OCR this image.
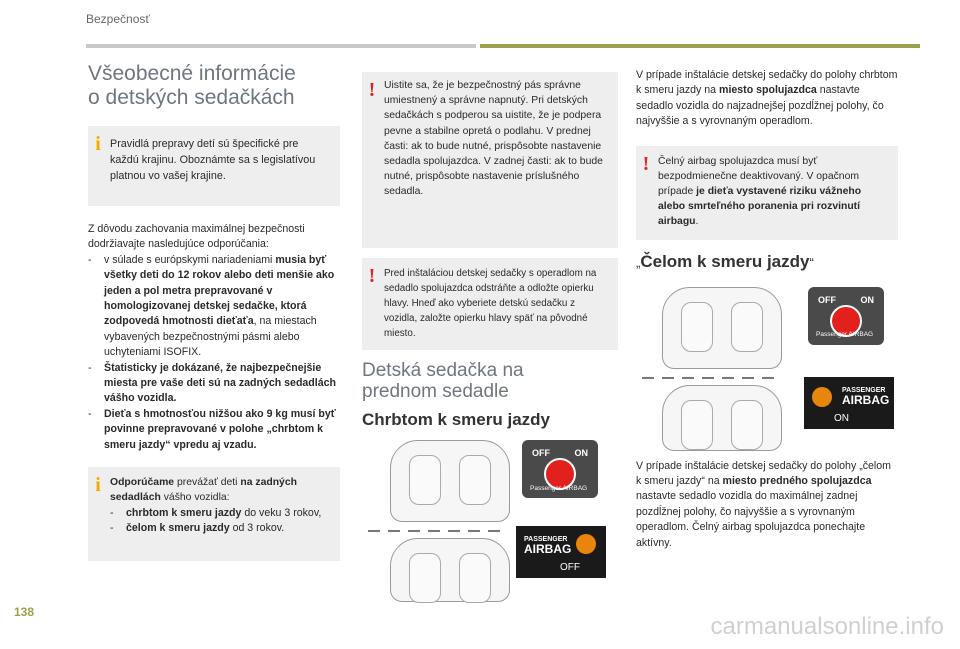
Bezpečnosť
Všeobecné informácie
o detských sedačkách
i Pravidlá prepravy detí sú špecifické pre každú krajinu. Oboznámte sa s legislatívou platnou vo vašej krajine.

Z dôvodu zachovania maximálnej bezpečnosti dodržiavajte nasledujúce odporúčania:

-	v súlade s európskymi nariadeniami musia byť všetky deti do 12 rokov alebo deti menšie ako jeden a pol metra prepravované v homologizovanej detskej sedačke, ktorá zodpovedá hmotnosti dieťaťa, na miestach vybavených bezpečnostnými pásmi alebo uchyteniami ISOFIX.
-	Štatisticky je dokázané, že najbezpečnejšie miesta pre vaše deti sú na zadných sedadlách vášho vozidla.
-	Dieťa s hmotnosťou nižšou ako 9 kg musí byť povinne prepravované v polohe „chrbtom k smeru jazdy“ vpredu aj vzadu.
i Odporúčame prevážať deti na zadných sedadlách vášho vozidla:

-	chrbtom k smeru jazdy do veku 3 rokov,
-	čelom k smeru jazdy od 3 rokov.
! Uistite sa, že je bezpečnostný pás správne umiestnený a správne napnutý. Pri detských sedačkách s podperou sa uistite, že je podpera pevne a stabilne opretá o podlahu. V prednej časti: ak to bude nutné, prispôsobte nastavenie sedadla spolujazdca. V zadnej časti: ak to bude nutné, prispôsobte nastavenie príslušného sedadla.

! Pred inštaláciou detskej sedačky s operadlom na sedadlo spolujazdca odstráňte a odložte opierku hlavy. Hneď ako vyberiete detskú sedačku z vozidla, založte opierku hlavy späť na pôvodné miesto.

Detská sedačka na
prednom sedadle
Chrbtom k smeru jazdy
OFF	ON
Passenger AIRBAG
PASSENGER
AIRBAG
OFF

V prípade inštalácie detskej sedačky do polohy chrbtom k smeru jazdy na miesto spolujazdca nastavte sedadlo vozidla do najzadnejšej pozdĺžnej polohy, čo najvyššie a s vyrovnaným operadlom.

! Čelný airbag spolujazdca musí byť bezpodmienečne deaktivovaný. V opačnom prípade je dieťa vystavené riziku vážneho alebo smrteľného poranenia pri rozvinutí airbagu.

„Čelom k smeru jazdy“
OFF	ON
Passenger AIRBAG
PASSENGER
AIRBAG
ON

V prípade inštalácie detskej sedačky do polohy „čelom k smeru jazdy“ na miesto predného spolujazdca nastavte sedadlo vozidla do maximálnej zadnej pozdĺžnej polohy, čo najvyššie a s vyrovnaným operadlom. Čelný airbag spolujazdca ponechajte aktívny.

138
carmanualsonline.info
